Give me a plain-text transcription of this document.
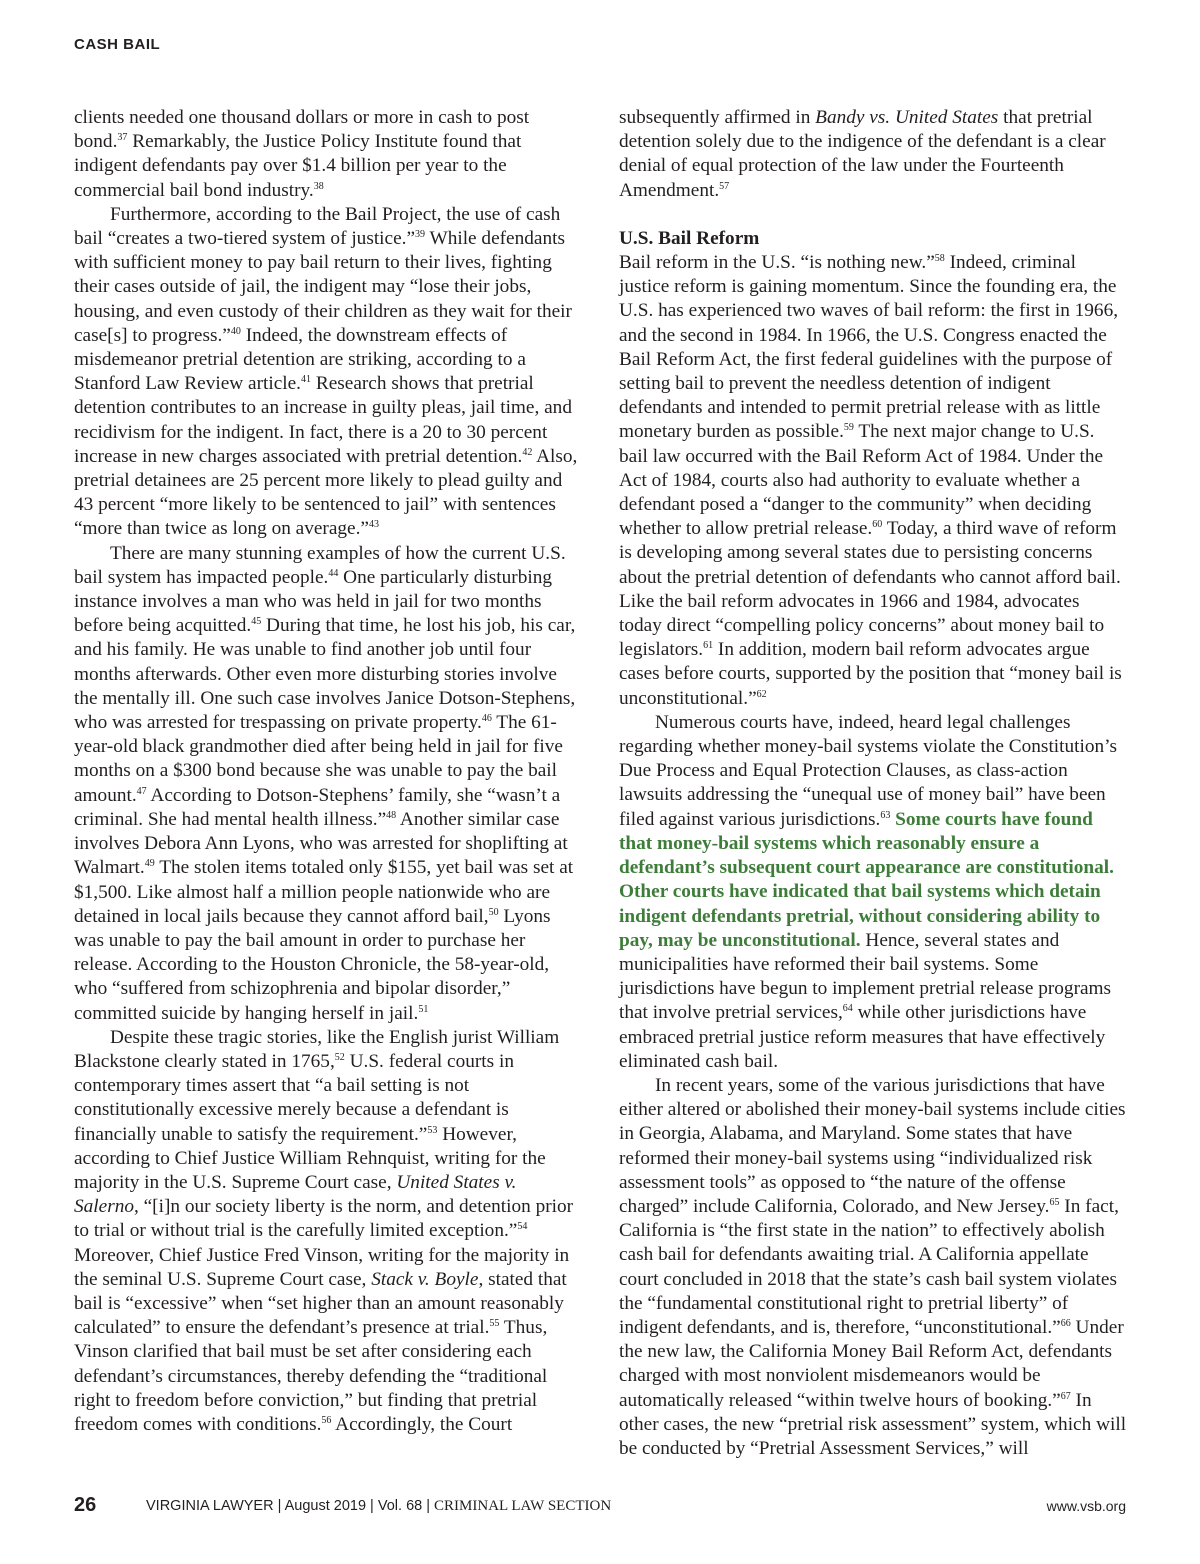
CASH BAIL

clients needed one thousand dollars or more in cash to post bond.$^{37}$ Remarkably, the Justice Policy Institute found that indigent defendants pay over $1.4 billion per year to the commercial bail bond industry.$^{38}$

Furthermore, according to the Bail Project, the use of cash bail “creates a two-tiered system of justice.”$^{39}$ While defendants with sufficient money to pay bail return to their lives, fighting their cases outside of jail, the indigent may “lose their jobs, housing, and even custody of their children as they wait for their case[s] to progress.”$^{40}$ Indeed, the downstream effects of misdemeanor pretrial detention are striking, according to a Stanford Law Review article.$^{41}$ Research shows that pretrial detention contributes to an increase in guilty pleas, jail time, and recidivism for the indigent. In fact, there is a 20 to 30 percent increase in new charges associated with pretrial detention.$^{42}$ Also, pretrial detainees are 25 percent more likely to plead guilty and 43 percent “more likely to be sentenced to jail” with sentences “more than twice as long on average.”$^{43}$

There are many stunning examples of how the current U.S. bail system has impacted people.$^{44}$ One particularly disturbing instance involves a man who was held in jail for two months before being acquitted.$^{45}$ During that time, he lost his job, his car, and his family. He was unable to find another job until four months afterwards. Other even more disturbing stories involve the mentally ill. One such case involves Janice Dotson-Stephens, who was arrested for trespassing on private property.$^{46}$ The 61-year-old black grandmother died after being held in jail for five months on a $300 bond because she was unable to pay the bail amount.$^{47}$ According to Dotson-Stephens’ family, she “wasn’t a criminal. She had mental health illness.”$^{48}$ Another similar case involves Debora Ann Lyons, who was arrested for shoplifting at Walmart.$^{49}$ The stolen items totaled only $155, yet bail was set at $1,500. Like almost half a million people nationwide who are detained in local jails because they cannot afford bail,$^{50}$ Lyons was unable to pay the bail amount in order to purchase her release. According to the Houston Chronicle, the 58-year-old, who “suffered from schizophrenia and bipolar disorder,” committed suicide by hanging herself in jail.$^{51}$

Despite these tragic stories, like the English jurist William Blackstone clearly stated in 1765,52 U.S. federal courts in contemporary times assert that “a bail setting is not constitutionally excessive merely because a defendant is financially unable to satisfy the requirement.”$^{53}$ However, according to Chief Justice William Rehnquist, writing for the majority in the U.S. Supreme Court case, United States v. Salerno, “[i]n our society liberty is the norm, and detention prior to trial or without trial is the carefully limited exception.”$^{54}$ Moreover, Chief Justice Fred Vinson, writing for the majority in the seminal U.S. Supreme Court case, Stack v. Boyle, stated that bail is “excessive” when “set higher than an amount reasonably calculated” to ensure the defendant’s presence at trial.$^{55}$ Thus, Vinson clarified that bail must be set after considering each defendant’s circumstances, thereby defending the “traditional right to freedom before conviction,” but finding that pretrial freedom comes with conditions.$^{56}$ Accordingly, the Court

subsequently affirmed in Bandy vs. United States that pretrial detention solely due to the indigence of the defendant is a clear denial of equal protection of the law under the Fourteenth Amendment.$^{57}$

U.S. Bail Reform

Bail reform in the U.S. “is nothing new.”$^{58}$ Indeed, criminal justice reform is gaining momentum. Since the founding era, the U.S. has experienced two waves of bail reform: the first in 1966, and the second in 1984. In 1966, the U.S. Congress enacted the Bail Reform Act, the first federal guidelines with the purpose of setting bail to prevent the needless detention of indigent defendants and intended to permit pretrial release with as little monetary burden as possible.$^{59}$ The next major change to U.S. bail law occurred with the Bail Reform Act of 1984. Under the Act of 1984, courts also had authority to evaluate whether a defendant posed a “danger to the community” when deciding whether to allow pretrial release.$^{60}$ Today, a third wave of reform is developing among several states due to persisting concerns about the pretrial detention of defendants who cannot afford bail. Like the bail reform advocates in 1966 and 1984, advocates today direct “compelling policy concerns” about money bail to legislators.$^{61}$ In addition, modern bail reform advocates argue cases before courts, supported by the position that “money bail is unconstitutional.”$^{62}$

Numerous courts have, indeed, heard legal challenges regarding whether money-bail systems violate the Constitution’s Due Process and Equal Protection Clauses, as class-action lawsuits addressing the “unequal use of money bail” have been filed against various jurisdictions.$^{63}$ Some courts have found that money-bail systems which reasonably ensure a defendant’s subsequent court appearance are constitutional. Other courts have indicated that bail systems which detain indigent defendants pretrial, without considering ability to pay, may be unconstitutional. Hence, several states and municipalities have reformed their bail systems. Some jurisdictions have begun to implement pretrial release programs that involve pretrial services,$^{64}$ while other jurisdictions have embraced pretrial justice reform measures that have effectively eliminated cash bail.

In recent years, some of the various jurisdictions that have either altered or abolished their money-bail systems include cities in Georgia, Alabama, and Maryland. Some states that have reformed their money-bail systems using “individualized risk assessment tools” as opposed to “the nature of the offense charged” include California, Colorado, and New Jersey.$^{65}$ In fact, California is “the first state in the nation” to effectively abolish cash bail for defendants awaiting trial. A California appellate court concluded in 2018 that the state’s cash bail system violates the “fundamental constitutional right to pretrial liberty” of indigent defendants, and is, therefore, “unconstitutional.”$^{66}$ Under the new law, the California Money Bail Reform Act, defendants charged with most nonviolent misdemeanors would be automatically released “within twelve hours of booking.”$^{67}$ In other cases, the new “pretrial risk assessment” system, which will be conducted by “Pretrial Assessment Services,” will

26	VIRGINIA LAWYER | August 2019 | Vol. 68 | CRIMINAL LAW SECTION	www.vsb.org
